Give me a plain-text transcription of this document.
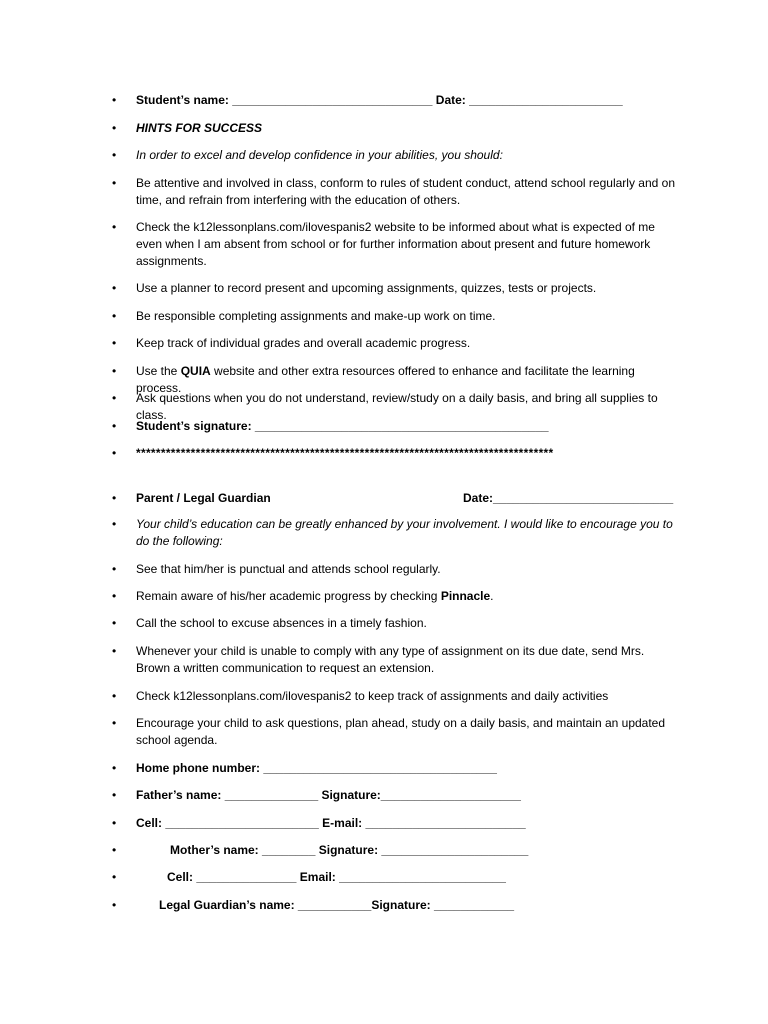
• Student’s name: ______________________________ Date: _______________________
• HINTS FOR SUCCESS
• In order to excel and develop confidence in your abilities, you should:
• Be attentive and involved in class, conform to rules of student conduct, attend school regularly and on time, and refrain from interfering with the education of others.
• Check the k12lessonplans.com/ilovespanis2 website to be informed about what is expected of me even when I am absent from school or for further information about present and future homework assignments.
• Use a planner to record present and upcoming assignments, quizzes, tests or projects.
• Be responsible completing assignments and make-up work on time.
• Keep track of individual grades and overall academic progress.
• Use the QUIA website and other extra resources offered to enhance and facilitate the learning process.
• Ask questions when you do not understand, review/study on a daily basis, and bring all supplies to class.
• Student’s signature: ____________________________________________
• ************************************************************************************
• Parent / Legal Guardian	Date:___________________________
• Your child’s education can be greatly enhanced by your involvement. I would like to encourage you to do the following:
• See that him/her is punctual and attends school regularly.
• Remain aware of his/her academic progress by checking Pinnacle.
• Call the school to excuse absences in a timely fashion.
• Whenever your child is unable to comply with any type of assignment on its due date, send Mrs. Brown a written communication to request an extension.
• Check k12lessonplans.com/ilovespanis2 to keep track of assignments and daily activities
• Encourage your child to ask questions, plan ahead, study on a daily basis, and maintain an updated school agenda.
• Home phone number: ___________________________________
• Father’s name: ______________ Signature:_____________________
• Cell: _______________________ E-mail: ________________________
•	Mother’s name: ________ Signature: ______________________
•	Cell: _______________ Email: _________________________
•	Legal Guardian’s name: ___________Signature: ____________
